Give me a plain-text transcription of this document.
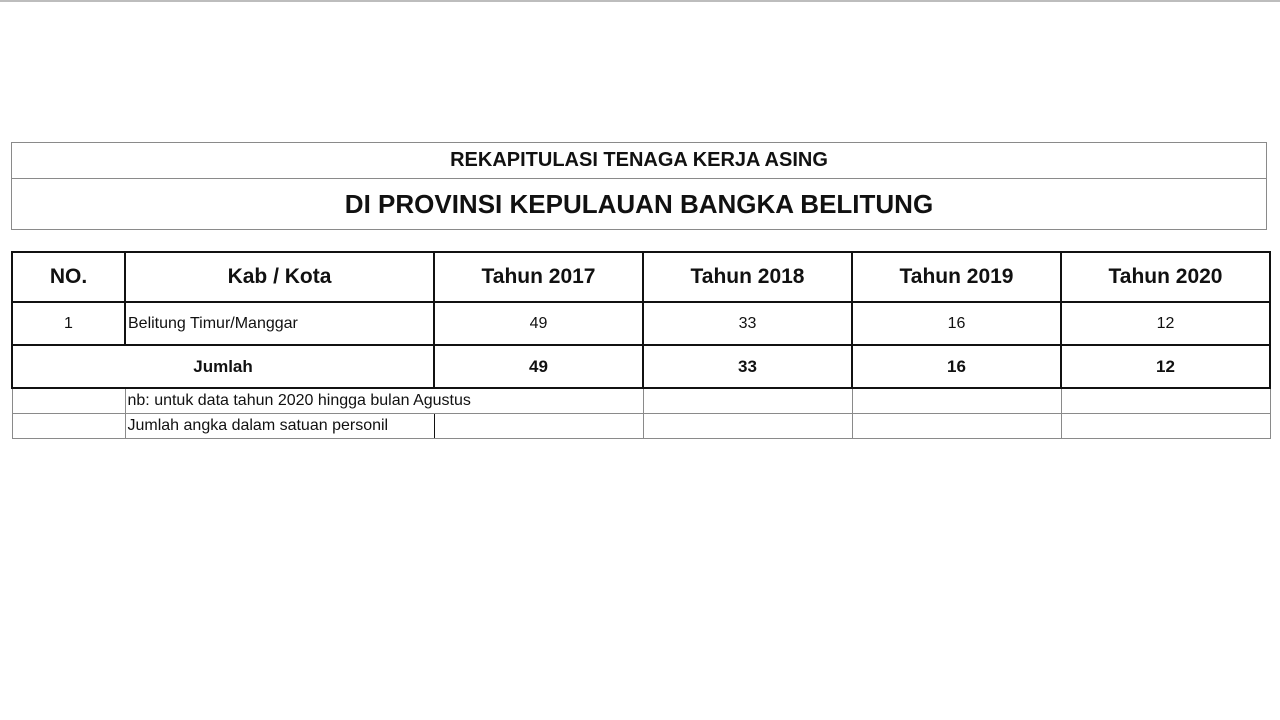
REKAPITULASI TENAGA KERJA ASING
DI PROVINSI KEPULAUAN BANGKA BELITUNG
NO.	Kab / Kota	Tahun 2017	Tahun 2018	Tahun 2019	Tahun 2020
1	Belitung Timur/Manggar	49	33	16	12
Jumlah		49	33	16	12
	nb: untuk data tahun 2020 hingga bulan Agustus				
	Jumlah angka dalam satuan personil				
